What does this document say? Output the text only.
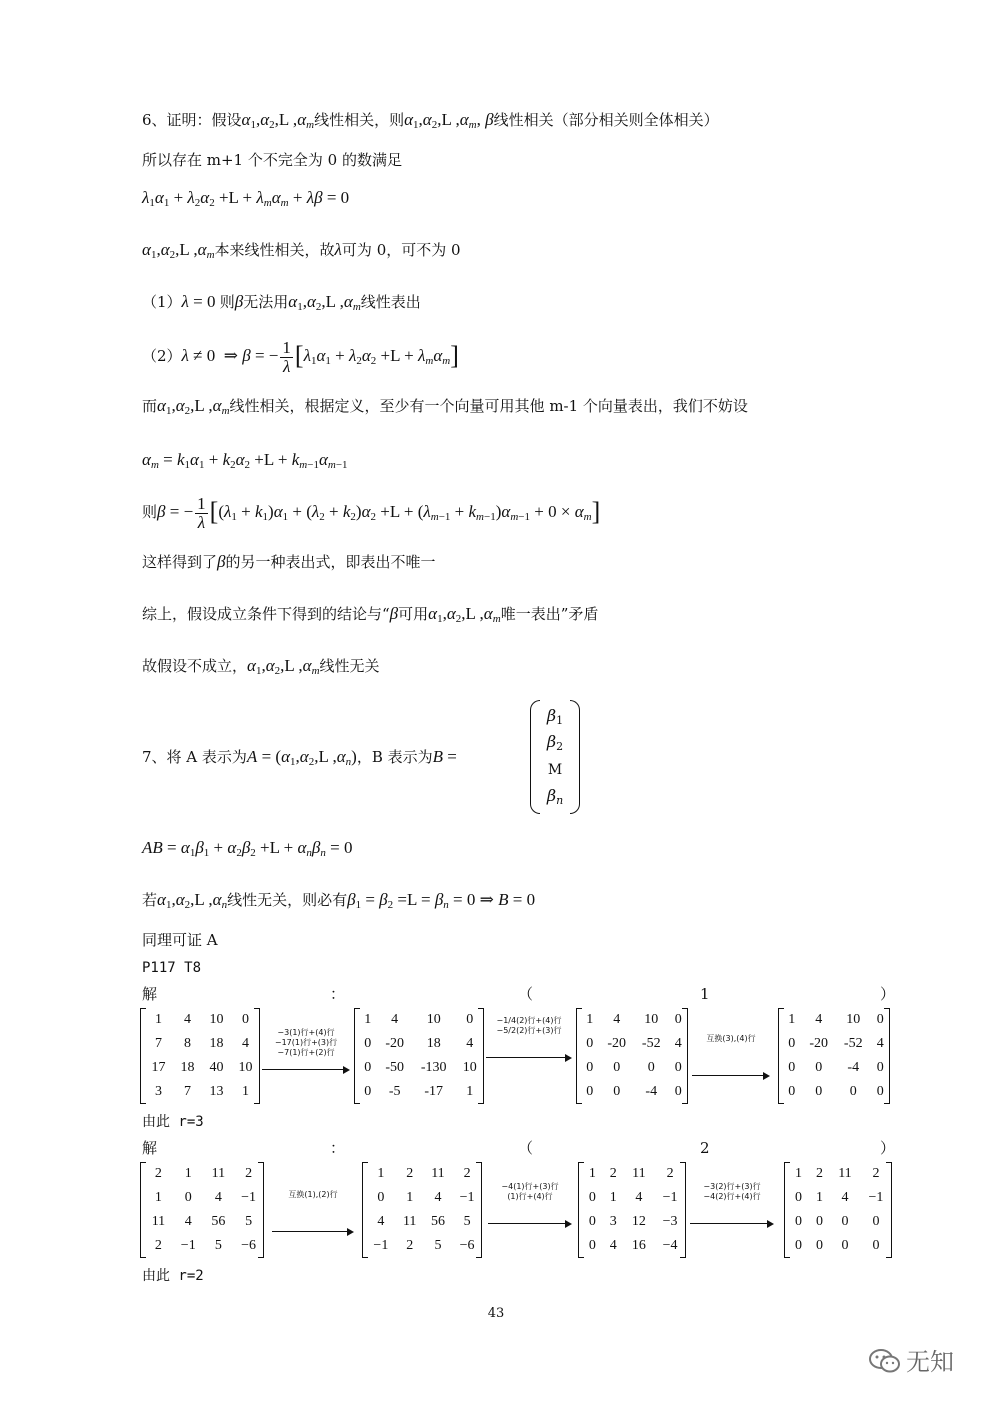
6、证明：假设$\alpha_1,\alpha_2,L$ $,\alpha_m$线性相关，则$\alpha_1,\alpha_2,L$ $,\alpha_m$, β线性相关（部分相关则全体相关）
所以存在 m+1 个不完全为 0 的数满足
$\lambda_1\alpha_1 + \lambda_2\alpha_2 +L + \lambda_m\alpha_m + \lambda\beta = 0$
$\alpha_1,\alpha_2,L$ $,\alpha_m$本来线性相关，故λ可为 0，可不为 0
（1）λ = 0 则β无法用$\alpha_1,\alpha_2,L$ $,\alpha_m$线性表出
（2）λ ≠ 0  ⇒ β = − $\frac{1}{\lambda} [\lambda_1\alpha_1 + \lambda_2\alpha_2 +L + \lambda_m\alpha_m]$
而$\alpha_1,\alpha_2,L$ $,\alpha_m$线性相关，根据定义，至少有一个向量可用其他 m-1 个向量表出，我们不妨设
$\alpha_m = k_1\alpha_1 + k_2\alpha_2 +L + k_{m-1}\alpha_{m-1}$
则β = − $\frac{1}{\lambda} [(\lambda_1 + k_1)\alpha_1 + (\lambda_2 + k_2)\alpha_2 +L + (\lambda_{m-1} + k_{m-1})\alpha_{m-1} + 0 \times \alpha_m]$
这样得到了β的另一种表出式，即表出不唯一
综上，假设成立条件下得到的结论与“β可用$\alpha_1,\alpha_2,L$ $,\alpha_m$唯一表出”矛盾
故假设不成立，$\alpha_1,\alpha_2,L$ $,\alpha_m$线性无关
7、将 A 表示为$A = (\alpha_1,\alpha_2,L$ $,\alpha_n$)，B 表示为B =
$\beta_1$
$\beta_2$
M
$\beta_n$
AB = $\alpha_1\beta_1 + \alpha_2\beta_2 +L + \alpha_n\beta_n = 0$
若$\alpha_1,\alpha_2,L$ $,\alpha_n$线性无关，则必有$\beta_1 = \beta_2 =L = \beta_n = 0$ ⇒ B = 0
同理可证 A
P117 T8
解	：	（	1	）
1	4	10	0
7	8	18	4
17	18	40	10
3	7	13	1
−3(1)行+(4)行
−17(1)行+(3)行
−7(1)行+(2)行
1	4	10	0
0	-20	18	4
0	-50	-130	10
0	-5	-17	1
−1/4(2)行+(4)行
−5/2(2)行+(3)行
1	4	10	0
0	-20	-52	4
0	0	0	0
0	0	-4	0
互换(3),(4)行
1	4	10	0
0	-20	-52	4
0	0	-4	0
0	0	0	0
由此 r=3
解	：	（	2	）
2	1	11	2
1	0	4	−1
11	4	56	5
2	−1	5	−6
互换(1),(2)行
1	2	11	2
0	1	4	−1
4	11	56	5
−1	2	5	−6
−4(1)行+(3)行
(1)行+(4)行
1	2	11	2
0	1	4	−1
0	3	12	−3
0	4	16	−4
−3(2)行+(3)行
−4(2)行+(4)行
1	2	11	2
0	1	4	−1
0	0	0	0
0	0	0	0
由此 r=2
43
无知
